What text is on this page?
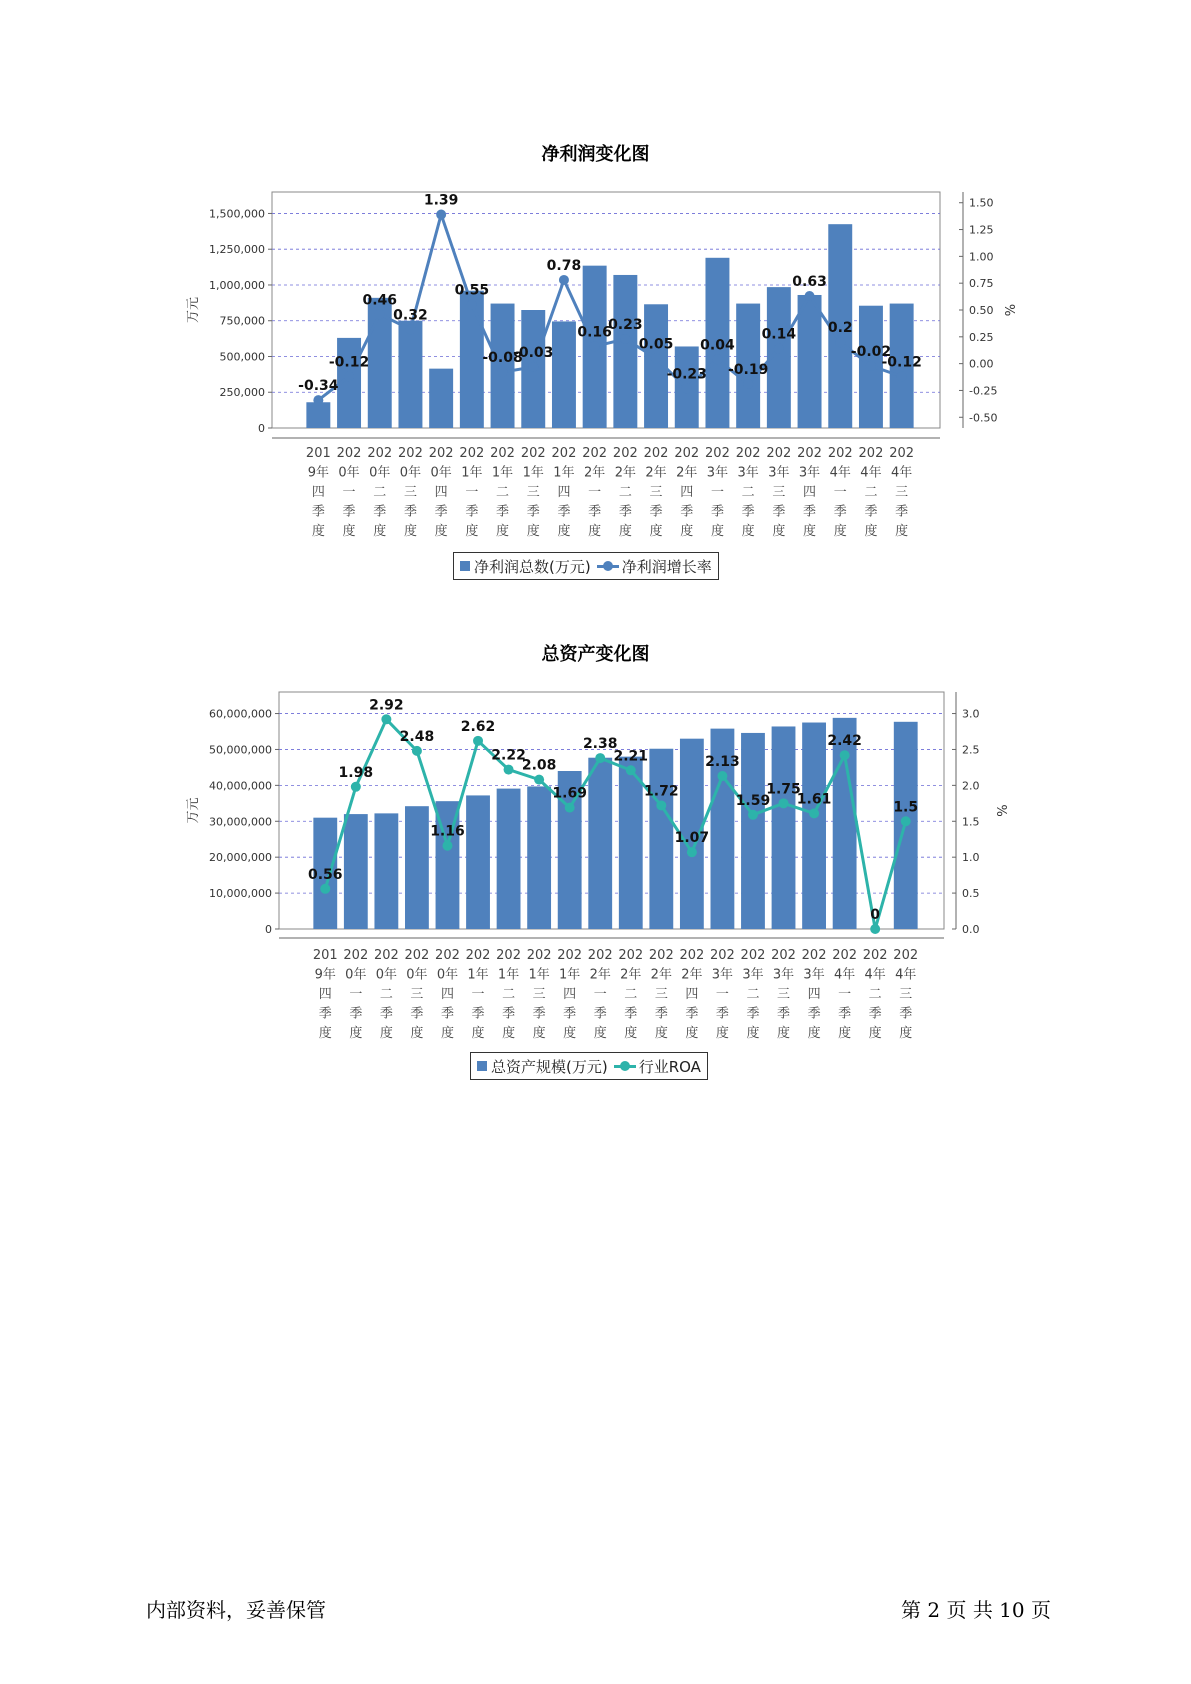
净利润变化图
0
250,000
500,000
750,000
1,000,000
1,250,000
1,500,000
-0.50
-0.25
0.00
0.25
0.50
0.75
1.00
1.25
1.50
万元	%
-0.34
-0.12
0.46
0.32
1.39
0.55
-0.08
-0.03
0.78
0.16
0.23
0.05
-0.23
0.04
-0.19
0.14
0.63
0.2
-0.02
-0.12
201
9年
四
季
度
202
0年
一
季
度
202
0年
二
季
度
202
0年
三
季
度
202
0年
四
季
度
202
1年
一
季
度
202
1年
二
季
度
202
1年
三
季
度
202
1年
四
季
度
202
2年
一
季
度
202
2年
二
季
度
202
2年
三
季
度
202
2年
四
季
度
202
3年
一
季
度
202
3年
二
季
度
202
3年
三
季
度
202
3年
四
季
度
202
4年
一
季
度
202
4年
二
季
度
202
4年
三
季
度
净利润总数(万元) 净利润增长率
总资产变化图
0
10,000,000
20,000,000
30,000,000
40,000,000
50,000,000
60,000,000
0.0
0.5
1.0
1.5
2.0
2.5
3.0
万元	%
0.56
1.98
2.92
2.48
1.16
2.62
2.22
2.08
1.69
2.38
2.21
1.72
1.07
2.13
1.59
1.75
1.61
2.42
0
1.5
201
9年
四
季
度
202
0年
一
季
度
202
0年
二
季
度
202
0年
三
季
度
202
0年
四
季
度
202
1年
一
季
度
202
1年
二
季
度
202
1年
三
季
度
202
1年
四
季
度
202
2年
一
季
度
202
2年
二
季
度
202
2年
三
季
度
202
2年
四
季
度
202
3年
一
季
度
202
3年
二
季
度
202
3年
三
季
度
202
3年
四
季
度
202
4年
一
季
度
202
4年
二
季
度
202
4年
三
季
度
总资产规模(万元) 行业ROA
内部资料，妥善保管	第 2 页 共 10 页
